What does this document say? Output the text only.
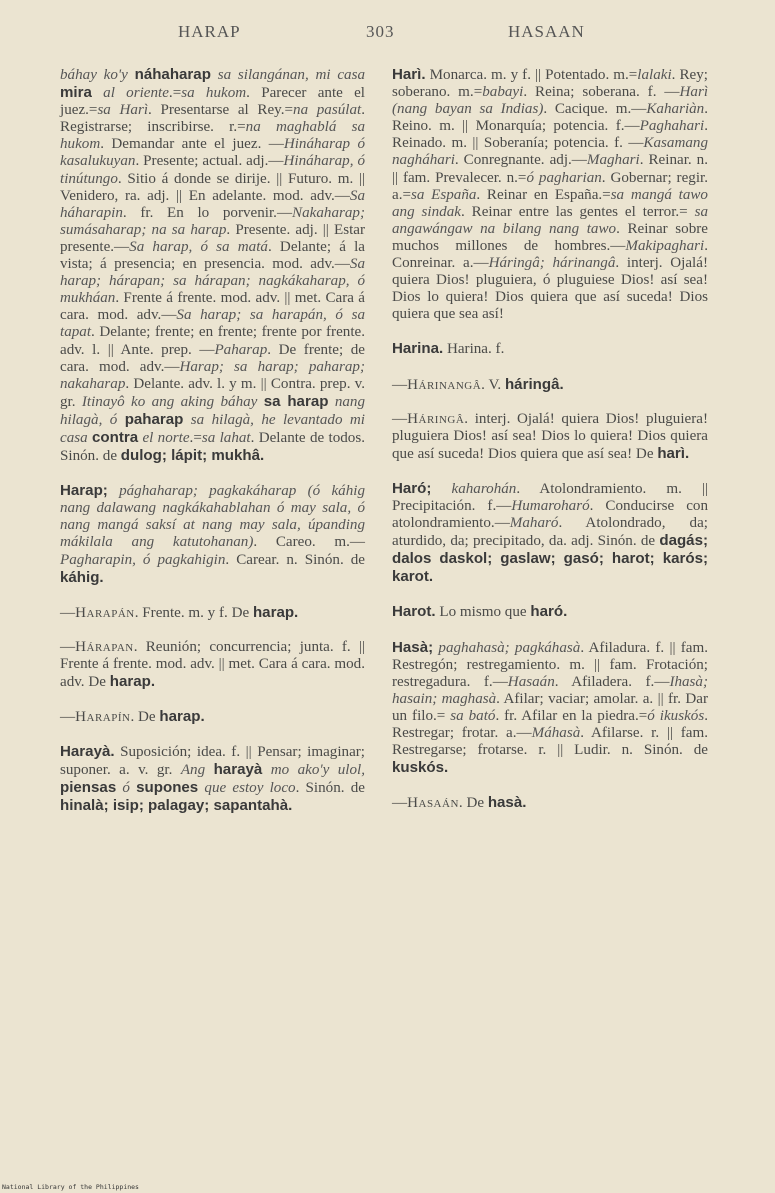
HARAP	303	HASAAN

báhay ko'y náhaharap sa silangánan, mi casa mira al oriente.=sa hukom. Parecer ante el juez.=sa Harì. Presentarse al Rey.=na pasúlat. Registrarse; inscribirse. r.=na maghablá sa hukom. Demandar ante el juez. —Hináharap ó kasalukuyan. Presente; actual. adj.—Hináharap, ó tinútungo. Sitio á donde se dirije. || Futuro. m. || Venidero, ra. adj. || En adelante. mod. adv.—Sa háharapin. fr. En lo porvenir.—Nakaharap; sumásaharap; na sa harap. Presente. adj. || Estar presente.—Sa harap, ó sa matá. Delante; á la vista; á presencia; en presencia. mod. adv.—Sa harap; hárapan; sa hárapan; nagkákaharap, ó mukháan. Frente á frente. mod. adv. || met. Cara á cara. mod. adv.—Sa harap; sa harapán, ó sa tapat. Delante; frente; en frente; frente por frente. adv. l. || Ante. prep. —Paharap. De frente; de cara. mod. adv.—Harap; sa harap; paharap; nakaharap. Delante. adv. l. y m. || Contra. prep. v. gr. Itinayô ko ang aking báhay sa harap nang hilagà, ó paharap sa hilagà, he levantado mi casa contra el norte.=sa lahat. Delante de todos. Sinón. de dulog; lápit; mukhâ.

Harap; pághaharap; pagkakáharap (ó káhig nang dalawang nagkákahablahan ó may sala, ó nang mangá saksí at nang may sala, úpanding mákilala ang katutohanan). Careo. m.—Pagharapin, ó pagkahigin. Carear. n. Sinón. de káhig.

—Harapán. Frente. m. y f. De harap.

—Hárapan. Reunión; concurrencia; junta. f. || Frente á frente. mod. adv. || met. Cara á cara. mod. adv. De harap.

—Harapín. De harap.

Harayà. Suposición; idea. f. || Pensar; imaginar; suponer. a. v. gr. Ang harayà mo ako'y ulol, piensas ó supones que estoy loco. Sinón. de hinalà; isip; palagay; sapantahà.

Harì. Monarca. m. y f. || Potentado. m.=lalaki. Rey; soberano. m.=babayi. Reina; soberana. f. —Harì (nang bayan sa Indias). Cacique. m.—Kahariàn. Reino. m. || Monarquía; potencia. f.—Paghahari. Reinado. m. || Soberanía; potencia. f. —Kasamang nagháhari. Conregnante. adj.—Maghari. Reinar. n. || fam. Prevalecer. n.=ó pagharian. Gobernar; regir. a.=sa España. Reinar en España.=sa mangá tawo ang sindak. Reinar entre las gentes el terror.= sa angawángaw na bilang nang tawo. Reinar sobre muchos millones de hombres.—Makipaghari. Conreinar. a.—Háringâ; hárinangâ. interj. Ojalá! quiera Dios! pluguiera, ó pluguiese Dios! así sea! Dios lo quiera! Dios quiera que así suceda! Dios quiera que sea así!

Harina. Harina. f.

—Hárinangâ. V. háringâ.

—Háringâ. interj. Ojalá! quiera Dios! pluguiera! pluguiera Dios! así sea! Dios lo quiera! Dios quiera que así suceda! Dios quiera que así sea! De harì.

Haró; kaharohán. Atolondramiento. m. || Precipitación. f.—Humaroharó. Conducirse con atolondramiento.—Maharó. Atolondrado, da; aturdido, da; precipitado, da. adj. Sinón. de dagás; dalos daskol; gaslaw; gasó; harot; karós; karot.

Harot. Lo mismo que haró.

Hasà; paghahasà; pagkáhasà. Afiladura. f. || fam. Restregón; restregamiento. m. || fam. Frotación; restregadura. f.—Hasaán. Afiladera. f.—Ihasà; hasain; maghasà. Afilar; vaciar; amolar. a. || fr. Dar un filo.= sa bató. fr. Afilar en la piedra.=ó ikuskós. Restregar; frotar. a.—Máhasà. Afilarse. r. || fam. Restregarse; frotarse. r. || Ludir. n. Sinón. de kuskós.

—Hasaán. De hasà.

National Library of the Philippines
